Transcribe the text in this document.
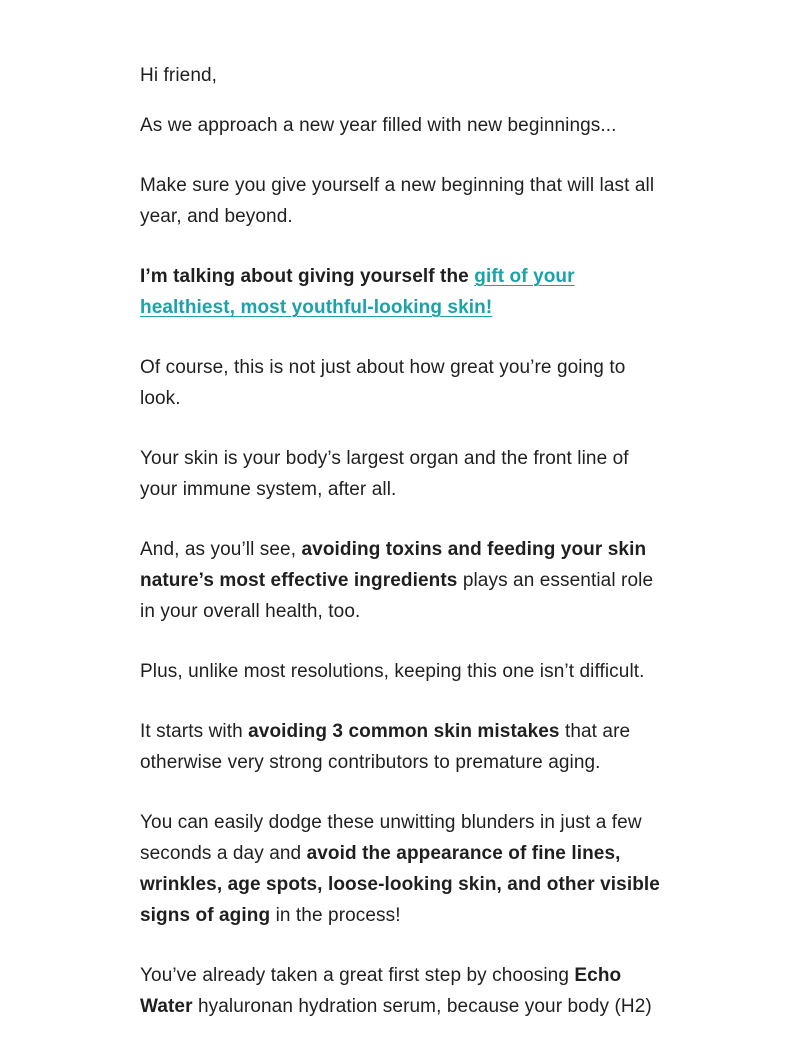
Hi friend,

As we approach a new year filled with new beginnings...

Make sure you give yourself a new beginning that will last all year, and beyond.

I’m talking about giving yourself the gift of your healthiest, most youthful-looking skin!

Of course, this is not just about how great you’re going to look.

Your skin is your body’s largest organ and the front line of your immune system, after all.

And, as you’ll see, avoiding toxins and feeding your skin nature’s most effective ingredients plays an essential role in your overall health, too.

Plus, unlike most resolutions, keeping this one isn’t difficult.

It starts with avoiding 3 common skin mistakes that are otherwise very strong contributors to premature aging.

You can easily dodge these unwitting blunders in just a few seconds a day and avoid the appearance of fine lines, wrinkles, age spots, loose-looking skin, and other visible signs of aging in the process!

You’ve already taken a great first step by choosing Echo Water hyaluronan hydration serum, because your body (H2)
